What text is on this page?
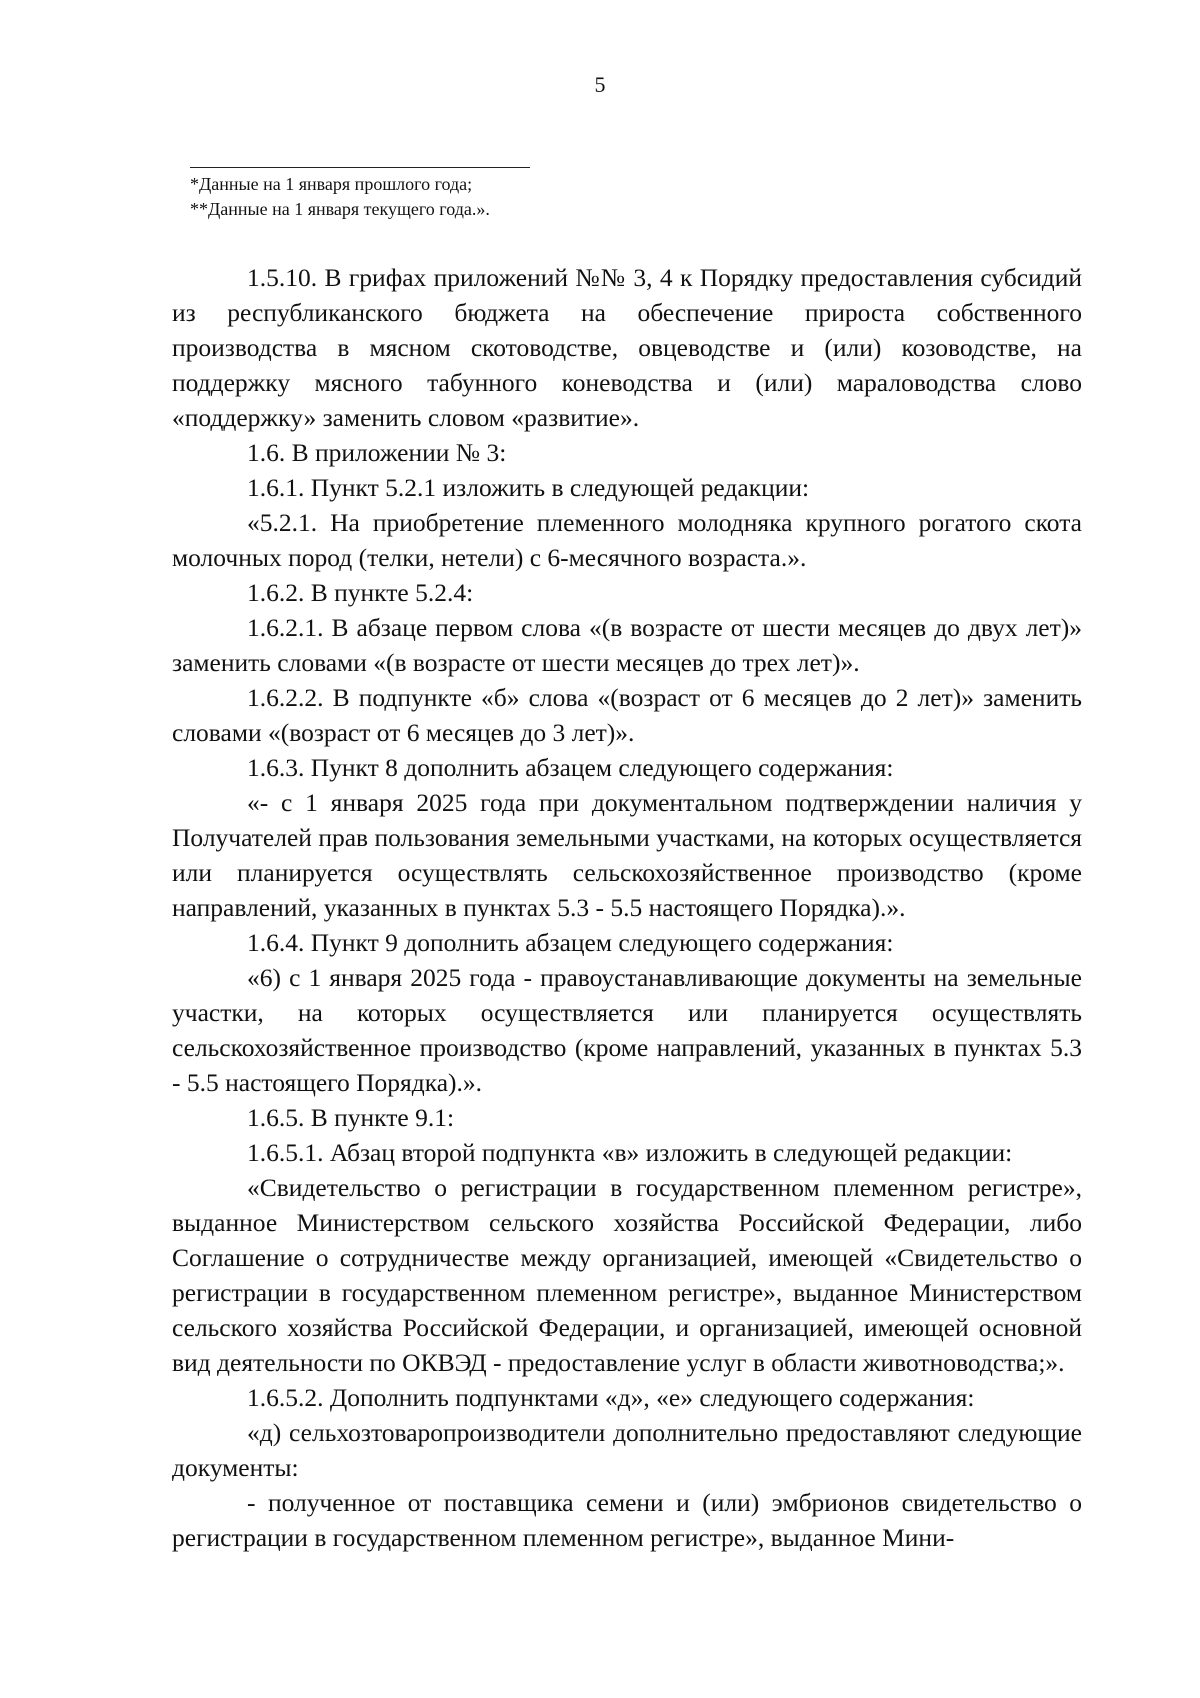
5
*Данные на 1 января прошлого года;
**Данные на 1 января текущего года.».

1.5.10. В грифах приложений №№ 3, 4 к Порядку предоставления субсидий из республиканского бюджета на обеспечение прироста собственного производства в мясном скотоводстве, овцеводстве и (или) козоводстве, на поддержку мясного табунного коневодства и (или) мараловодства слово «поддержку» заменить словом «развитие».

1.6. В приложении № 3:

1.6.1. Пункт 5.2.1 изложить в следующей редакции:

«5.2.1. На приобретение племенного молодняка крупного рогатого скота молочных пород (телки, нетели) с 6-месячного возраста.».

1.6.2. В пункте 5.2.4:

1.6.2.1. В абзаце первом слова «(в возрасте от шести месяцев до двух лет)» заменить словами «(в возрасте от шести месяцев до трех лет)».

1.6.2.2. В подпункте «б» слова «(возраст от 6 месяцев до 2 лет)» заменить словами «(возраст от 6 месяцев до 3 лет)».

1.6.3. Пункт 8 дополнить абзацем следующего содержания:

«- с 1 января 2025 года при документальном подтверждении наличия у Получателей прав пользования земельными участками, на которых осуществляется или планируется осуществлять сельскохозяйственное производство (кроме направлений, указанных в пунктах 5.3 - 5.5 настоящего Порядка).».

1.6.4. Пункт 9 дополнить абзацем следующего содержания:

«6) с 1 января 2025 года - правоустанавливающие документы на земельные участки, на которых осуществляется или планируется осуществлять сельскохозяйственное производство (кроме направлений, указанных в пунктах 5.3 - 5.5 настоящего Порядка).».

1.6.5. В пункте 9.1:

1.6.5.1. Абзац второй подпункта «в» изложить в следующей редакции:

«Свидетельство о регистрации в государственном племенном регистре», выданное Министерством сельского хозяйства Российской Федерации, либо Соглашение о сотрудничестве между организацией, имеющей «Свидетельство о регистрации в государственном племенном регистре», выданное Министерством сельского хозяйства Российской Федерации, и организацией, имеющей основной вид деятельности по ОКВЭД - предоставление услуг в области животноводства;».

1.6.5.2. Дополнить подпунктами «д», «е» следующего содержания:

«д) сельхозтоваропроизводители дополнительно предоставляют следующие документы:

- полученное от поставщика семени и (или) эмбрионов свидетельство о регистрации в государственном племенном регистре», выданное Мини-
